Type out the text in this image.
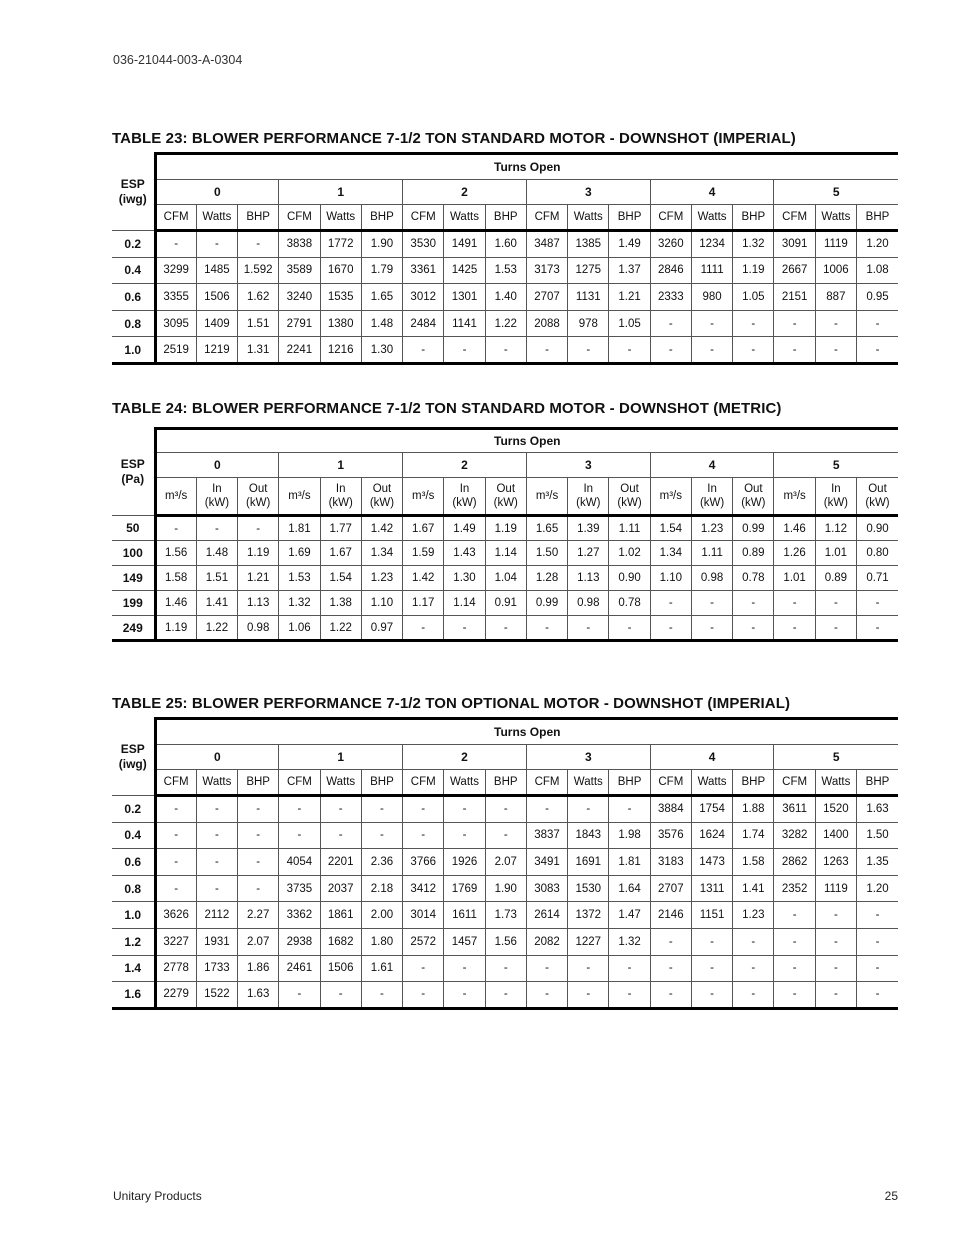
036-21044-003-A-0304
TABLE 23: BLOWER PERFORMANCE 7-1/2 TON STANDARD MOTOR - DOWNSHOT (IMPERIAL)
ESP
(iwg)	Turns Open																	
	0			1			2			3			4			5		
	CFM	Watts	BHP	CFM	Watts	BHP	CFM	Watts	BHP	CFM	Watts	BHP	CFM	Watts	BHP	CFM	Watts	BHP
0.2	-	-	-	3838	1772	1.90	3530	1491	1.60	3487	1385	1.49	3260	1234	1.32	3091	1119	1.20
0.4	3299	1485	1.592	3589	1670	1.79	3361	1425	1.53	3173	1275	1.37	2846	1111	1.19	2667	1006	1.08
0.6	3355	1506	1.62	3240	1535	1.65	3012	1301	1.40	2707	1131	1.21	2333	980	1.05	2151	887	0.95
0.8	3095	1409	1.51	2791	1380	1.48	2484	1141	1.22	2088	978	1.05	-	-	-	-	-	-
1.0	2519	1219	1.31	2241	1216	1.30	-	-	-	-	-	-	-	-	-	-	-	-
TABLE 24: BLOWER PERFORMANCE 7-1/2 TON STANDARD MOTOR - DOWNSHOT (METRIC)
ESP
(Pa)	Turns Open																	
	0			1			2			3			4			5		
	m³/s	In
(kW)	Out
(kW)	m³/s	In
(kW)	Out
(kW)	m³/s	In
(kW)	Out
(kW)	m³/s	In
(kW)	Out
(kW)	m³/s	In
(kW)	Out
(kW)	m³/s	In
(kW)	Out
(kW)
50	-	-	-	1.81	1.77	1.42	1.67	1.49	1.19	1.65	1.39	1.11	1.54	1.23	0.99	1.46	1.12	0.90
100	1.56	1.48	1.19	1.69	1.67	1.34	1.59	1.43	1.14	1.50	1.27	1.02	1.34	1.11	0.89	1.26	1.01	0.80
149	1.58	1.51	1.21	1.53	1.54	1.23	1.42	1.30	1.04	1.28	1.13	0.90	1.10	0.98	0.78	1.01	0.89	0.71
199	1.46	1.41	1.13	1.32	1.38	1.10	1.17	1.14	0.91	0.99	0.98	0.78	-	-	-	-	-	-
249	1.19	1.22	0.98	1.06	1.22	0.97	-	-	-	-	-	-	-	-	-	-	-	-
TABLE 25: BLOWER PERFORMANCE 7-1/2 TON OPTIONAL MOTOR - DOWNSHOT (IMPERIAL)
ESP
(iwg)	Turns Open																	
	0			1			2			3			4			5		
	CFM	Watts	BHP	CFM	Watts	BHP	CFM	Watts	BHP	CFM	Watts	BHP	CFM	Watts	BHP	CFM	Watts	BHP
0.2	-	-	-	-	-	-	-	-	-	-	-	-	3884	1754	1.88	3611	1520	1.63
0.4	-	-	-	-	-	-	-	-	-	3837	1843	1.98	3576	1624	1.74	3282	1400	1.50
0.6	-	-	-	4054	2201	2.36	3766	1926	2.07	3491	1691	1.81	3183	1473	1.58	2862	1263	1.35
0.8	-	-	-	3735	2037	2.18	3412	1769	1.90	3083	1530	1.64	2707	1311	1.41	2352	1119	1.20
1.0	3626	2112	2.27	3362	1861	2.00	3014	1611	1.73	2614	1372	1.47	2146	1151	1.23	-	-	-
1.2	3227	1931	2.07	2938	1682	1.80	2572	1457	1.56	2082	1227	1.32	-	-	-	-	-	-
1.4	2778	1733	1.86	2461	1506	1.61	-	-	-	-	-	-	-	-	-	-	-	-
1.6	2279	1522	1.63	-	-	-	-	-	-	-	-	-	-	-	-	-	-	-
Unitary Products	25
